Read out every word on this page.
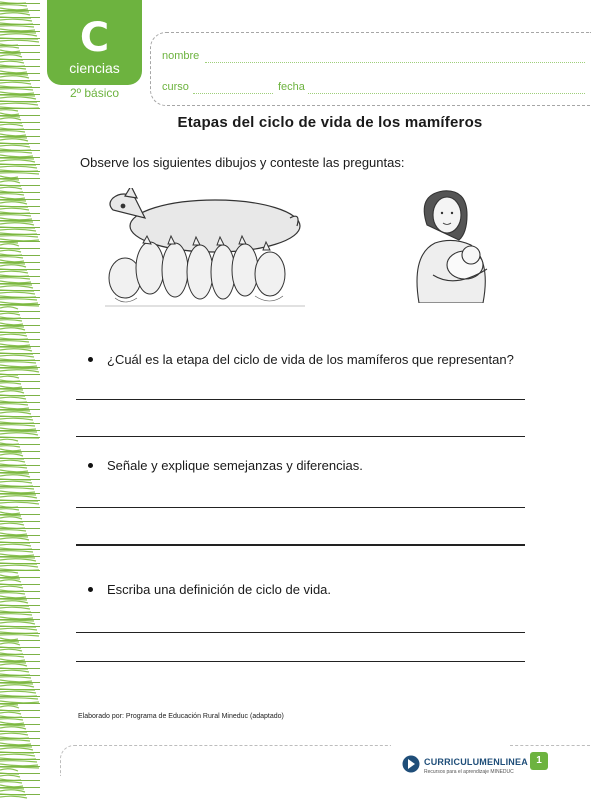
C
ciencias
2º básico
nombre
curso	fecha
Etapas del ciclo de vida de los mamíferos
Observe los siguientes dibujos y conteste las preguntas:
¿Cuál es la etapa del ciclo de vida de los mamíferos que representan?
Señale y explique semejanzas y diferencias.
Escriba una definición de ciclo de vida.
Elaborado por: Programa de Educación Rural Mineduc (adaptado)
CURRICULUMENLINEA
Recursos para el aprendizaje MINEDUC
1
